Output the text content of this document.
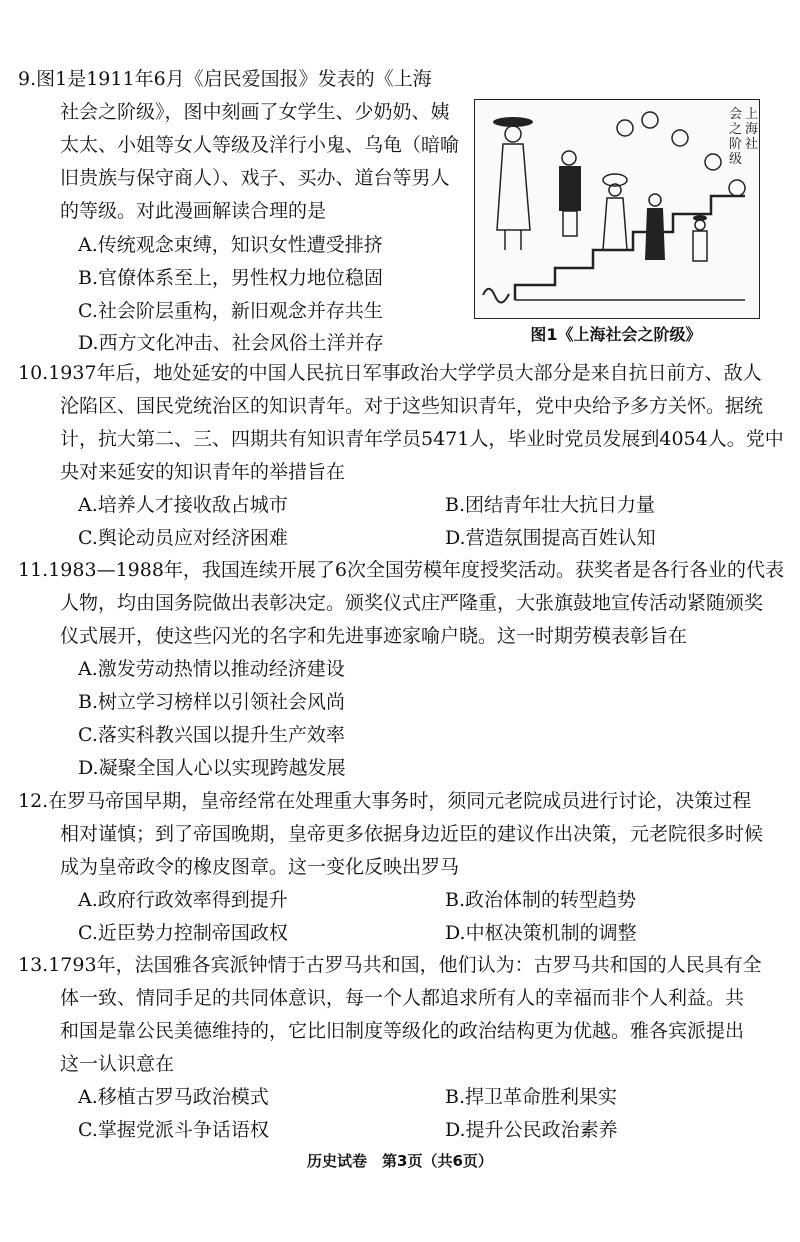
9.图1是1911年6月《启民爱国报》发表的《上海
社会之阶级》，图中刻画了女学生、少奶奶、姨
太太、小姐等女人等级及洋行小鬼、乌龟（暗喻
旧贵族与保守商人）、戏子、买办、道台等男人
的等级。对此漫画解读合理的是
A.传统观念束缚，知识女性遭受排挤
B.官僚体系至上，男性权力地位稳固
C.社会阶层重构，新旧观念并存共生
D.西方文化冲击、社会风俗土洋并存
上
海
社
会
之
阶
级
图1《上海社会之阶级》
10.1937年后，地处延安的中国人民抗日军事政治大学学员大部分是来自抗日前方、敌人
沦陷区、国民党统治区的知识青年。对于这些知识青年，党中央给予多方关怀。据统
计，抗大第二、三、四期共有知识青年学员5471人，毕业时党员发展到4054人。党中
央对来延安的知识青年的举措旨在
A.培养人才接收敌占城市	B.团结青年壮大抗日力量
C.舆论动员应对经济困难	D.营造氛围提高百姓认知
11.1983—1988年，我国连续开展了6次全国劳模年度授奖活动。获奖者是各行各业的代表
人物，均由国务院做出表彰决定。颁奖仪式庄严隆重，大张旗鼓地宣传活动紧随颁奖
仪式展开，使这些闪光的名字和先进事迹家喻户晓。这一时期劳模表彰旨在
A.激发劳动热情以推动经济建设
B.树立学习榜样以引领社会风尚
C.落实科教兴国以提升生产效率
D.凝聚全国人心以实现跨越发展
12.在罗马帝国早期，皇帝经常在处理重大事务时，须同元老院成员进行讨论，决策过程
相对谨慎；到了帝国晚期，皇帝更多依据身边近臣的建议作出决策，元老院很多时候
成为皇帝政令的橡皮图章。这一变化反映出罗马
A.政府行政效率得到提升	B.政治体制的转型趋势
C.近臣势力控制帝国政权	D.中枢决策机制的调整
13.1793年，法国雅各宾派钟情于古罗马共和国，他们认为：古罗马共和国的人民具有全
体一致、情同手足的共同体意识，每一个人都追求所有人的幸福而非个人利益。共
和国是靠公民美德维持的，它比旧制度等级化的政治结构更为优越。雅各宾派提出
这一认识意在
A.移植古罗马政治模式	B.捍卫革命胜利果实
C.掌握党派斗争话语权	D.提升公民政治素养
历史试卷　第3页（共6页）
